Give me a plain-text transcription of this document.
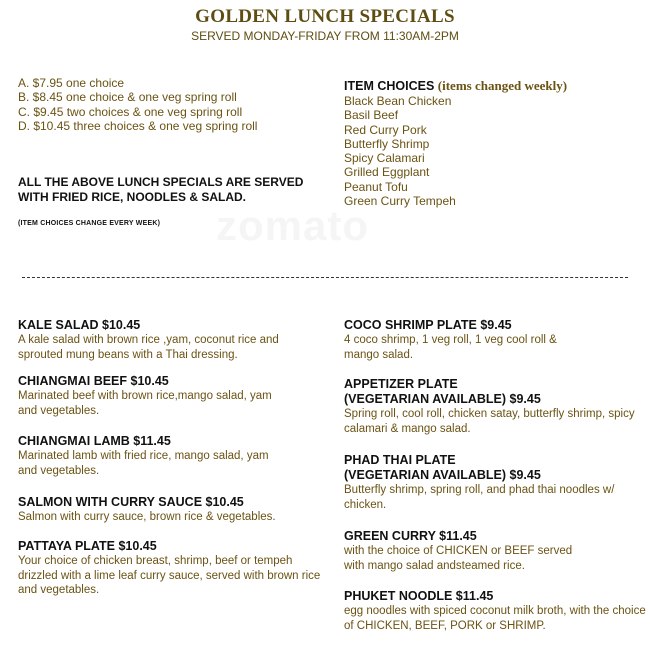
zomato
GOLDEN LUNCH SPECIALS
SERVED MONDAY-FRIDAY FROM 11:30AM-2PM
A. $7.95 one choice
B. $8.45 one choice & one veg spring roll
C. $9.45 two choices & one veg spring roll
D. $10.45 three choices & one veg spring roll
ITEM CHOICES (items changed weekly)
Black Bean Chicken
Basil Beef
Red Curry Pork
Butterfly Shrimp
Spicy Calamari
Grilled Eggplant
Peanut Tofu
Green Curry Tempeh
ALL THE ABOVE LUNCH SPECIALS ARE SERVED
WITH FRIED RICE, NOODLES & SALAD.
(ITEM CHOICES CHANGE EVERY WEEK)
KALE SALAD $10.45
A kale salad with brown rice ,yam, coconut rice and sprouted mung beans with a Thai dressing.
CHIANGMAI BEEF $10.45
Marinated beef with brown rice,mango salad, yam and vegetables.
CHIANGMAI LAMB $11.45
Marinated lamb with fried rice, mango salad, yam and vegetables.
SALMON WITH CURRY SAUCE $10.45
Salmon with curry sauce, brown rice & vegetables.
PATTAYA PLATE $10.45
Your choice of chicken breast, shrimp, beef or tempeh drizzled with a lime leaf curry sauce, served with brown rice and vegetables.
COCO SHRIMP PLATE $9.45
4 coco shrimp, 1 veg roll, 1 veg cool roll & mango salad.
APPETIZER PLATE
(VEGETARIAN AVAILABLE) $9.45
Spring roll, cool roll, chicken satay, butterfly shrimp, spicy calamari & mango salad.
PHAD THAI PLATE
(VEGETARIAN AVAILABLE) $9.45
Butterfly shrimp, spring roll, and phad thai noodles w/ chicken.
GREEN CURRY $11.45
with the choice of CHICKEN or BEEF served with mango salad andsteamed rice.
PHUKET NOODLE $11.45
egg noodles with spiced coconut milk broth, with the choice of CHICKEN, BEEF, PORK or SHRIMP.
